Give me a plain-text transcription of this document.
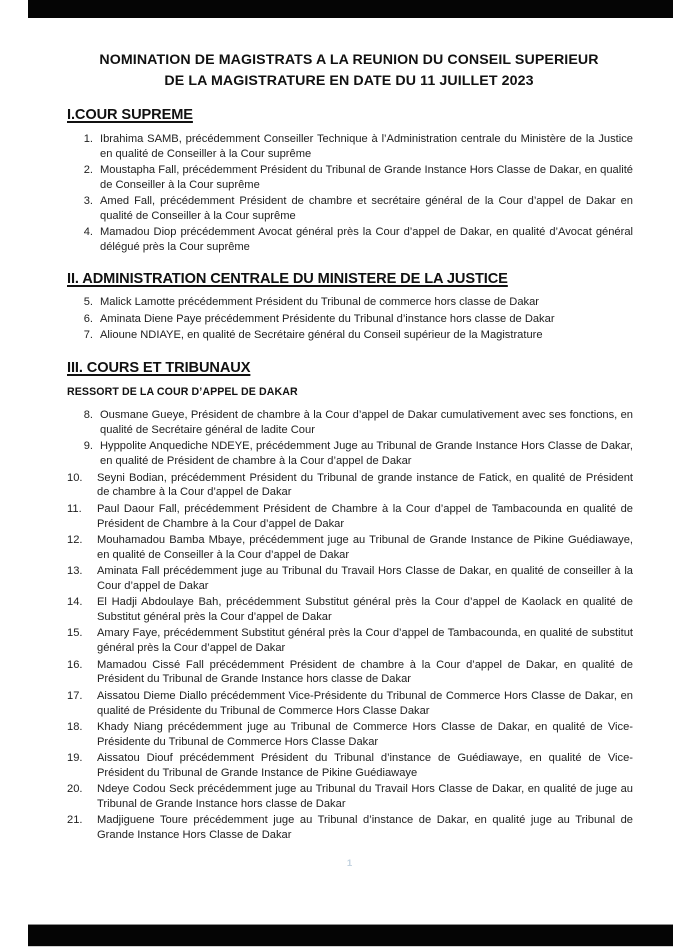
NOMINATION DE MAGISTRATS A LA REUNION DU CONSEIL SUPERIEUR
DE LA MAGISTRATURE EN DATE DU 11 JUILLET 2023
I.COUR SUPREME
1. Ibrahima SAMB, précédemment Conseiller Technique à l’Administration centrale du Ministère de la Justice en qualité de Conseiller à la Cour suprême
2. Moustapha Fall, précédemment Président du Tribunal de Grande Instance Hors Classe de Dakar, en qualité de Conseiller à la Cour suprême
3. Amed Fall, précédemment Président de chambre et secrétaire général de la Cour d’appel de Dakar en qualité de Conseiller à la Cour suprême
4. Mamadou Diop précédemment Avocat général près la Cour d’appel de Dakar, en qualité d’Avocat général délégué près la Cour suprême
II. ADMINISTRATION CENTRALE DU MINISTERE DE LA JUSTICE
5. Malick Lamotte précédemment Président du Tribunal de commerce hors classe de Dakar
6. Aminata Diene Paye précédemment Présidente du Tribunal d’instance hors classe de Dakar
7. Alioune NDIAYE, en qualité de Secrétaire général du Conseil supérieur de la Magistrature
III. COURS ET TRIBUNAUX
RESSORT DE LA COUR D’APPEL DE DAKAR
8. Ousmane Gueye, Président de chambre à la Cour d’appel de Dakar cumulativement avec ses fonctions, en qualité de Secrétaire général de ladite Cour
9. Hyppolite Anquediche NDEYE, précédemment Juge au Tribunal de Grande Instance Hors Classe de Dakar, en qualité de Président de chambre à la Cour d’appel de Dakar
10.	Seyni Bodian, précédemment Président du Tribunal de grande instance de Fatick, en qualité de Président de chambre à la Cour d’appel de Dakar
11.	Paul Daour Fall, précédemment Président de Chambre à la Cour d’appel de Tambacounda en qualité de Président de Chambre à la Cour d’appel de Dakar
12.	Mouhamadou Bamba Mbaye, précédemment juge au Tribunal de Grande Instance de Pikine Guédiawaye, en qualité de Conseiller à la Cour d’appel de Dakar
13.	Aminata Fall précédemment juge au Tribunal du Travail Hors Classe de Dakar, en qualité de conseiller à la Cour d’appel de Dakar
14.	El Hadji Abdoulaye Bah, précédemment Substitut général près la Cour d’appel de Kaolack en qualité de Substitut général près la Cour d’appel de Dakar
15.	Amary Faye, précédemment Substitut général près la Cour d’appel de Tambacounda, en qualité de substitut général près la Cour d’appel de Dakar
16.	Mamadou Cissé Fall précédemment Président de chambre à la Cour d’appel de Dakar, en qualité de Président du Tribunal de Grande Instance hors classe de Dakar
17.	Aissatou Dieme Diallo précédemment Vice-Présidente du Tribunal de Commerce Hors Classe de Dakar, en qualité de Présidente du Tribunal de Commerce Hors Classe Dakar
18.	Khady Niang précédemment juge au Tribunal de Commerce Hors Classe de Dakar, en qualité de Vice-Présidente du Tribunal de Commerce Hors Classe Dakar
19.	Aissatou Diouf précédemment Président du Tribunal d’instance de Guédiawaye, en qualité de Vice-Président du Tribunal de Grande Instance de Pikine Guédiawaye
20.	Ndeye Codou Seck précédemment juge au Tribunal du Travail Hors Classe de Dakar, en qualité de juge au Tribunal de Grande Instance hors classe de Dakar
21.	Madjiguene Toure précédemment juge au Tribunal d’instance de Dakar, en qualité juge au Tribunal de Grande Instance Hors Classe de Dakar
1
